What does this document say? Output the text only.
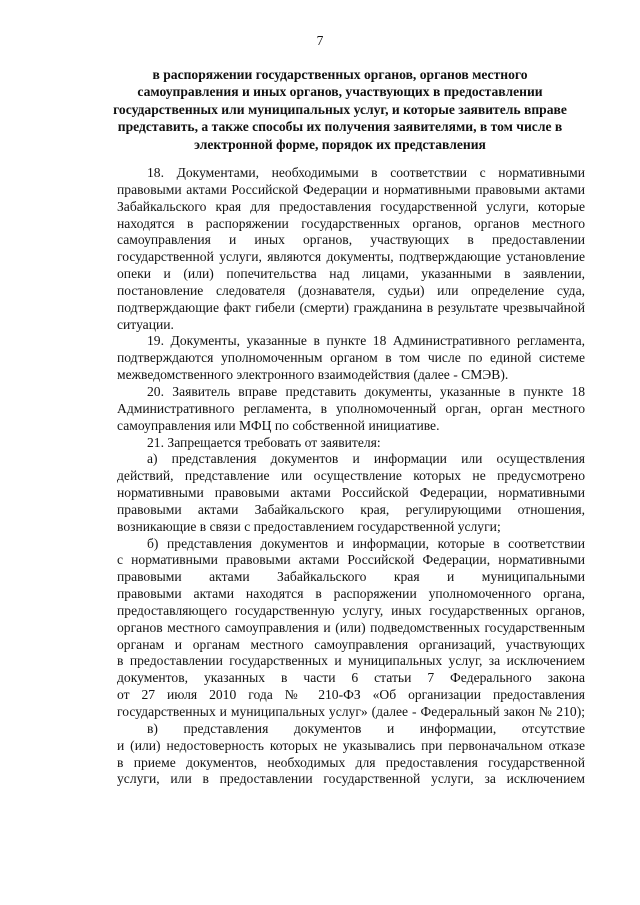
7
в распоряжении государственных органов, органов местного
самоуправления и иных органов, участвующих в предоставлении
государственных или муниципальных услуг, и которые заявитель вправе
представить, а также способы их получения заявителями, в том числе в
электронной форме, порядок их представления
18. Документами, необходимыми в соответствии с нормативными
правовыми актами Российской Федерации и нормативными правовыми актами
Забайкальского края для предоставления государственной услуги, которые
находятся в распоряжении государственных органов, органов местного
самоуправления и иных органов, участвующих в предоставлении
государственной услуги, являются документы, подтверждающие установление
опеки и (или) попечительства над лицами, указанными в заявлении,
постановление следователя (дознавателя, судьи) или определение суда,
подтверждающие факт гибели (смерти) гражданина в результате чрезвычайной
ситуации.
19. Документы, указанные в пункте 18 Административного регламента,
подтверждаются уполномоченным органом в том числе по единой системе
межведомственного электронного взаимодействия (далее - СМЭВ).
20. Заявитель вправе представить документы, указанные в пункте 18
Административного регламента, в уполномоченный орган, орган местного
самоуправления или МФЦ по собственной инициативе.
21. Запрещается требовать от заявителя:
а) представления документов и информации или осуществления
действий, представление или осуществление которых не предусмотрено
нормативными правовыми актами Российской Федерации, нормативными
правовыми актами Забайкальского края, регулирующими отношения,
возникающие в связи с предоставлением государственной услуги;
б) представления документов и информации, которые в соответствии
с нормативными правовыми актами Российской Федерации, нормативными
правовыми актами Забайкальского края и муниципальными
правовыми актами находятся в распоряжении уполномоченного органа,
предоставляющего государственную услугу, иных государственных органов,
органов местного самоуправления и (или) подведомственных государственным
органам и органам местного самоуправления организаций, участвующих
в предоставлении государственных и муниципальных услуг, за исключением
документов, указанных в части 6 статьи 7 Федерального закона
от 27 июля 2010 года № 210-ФЗ «Об организации предоставления
государственных и муниципальных услуг» (далее - Федеральный закон № 210);
в) представления документов и информации, отсутствие
и (или) недостоверность которых не указывались при первоначальном отказе
в приеме документов, необходимых для предоставления государственной
услуги, или в предоставлении государственной услуги, за исключением
